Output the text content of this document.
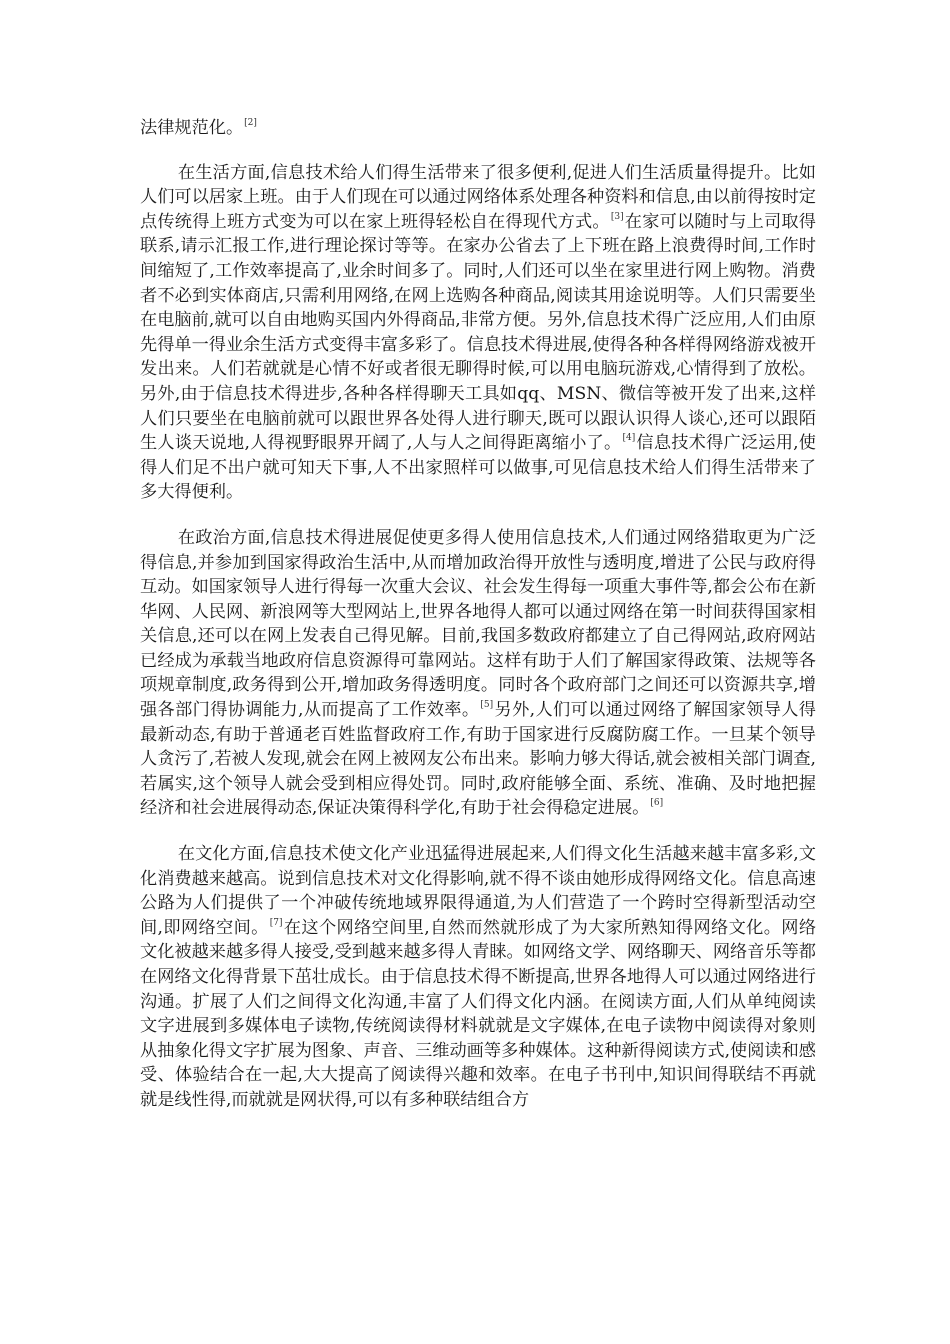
法律规范化。[2]

在生活方面,信息技术给人们得生活带来了很多便利,促进人们生活质量得提升。比如人们可以居家上班。由于人们现在可以通过网络体系处理各种资料和信息,由以前得按时定点传统得上班方式变为可以在家上班得轻松自在得现代方式。[3]在家可以随时与上司取得联系,请示汇报工作,进行理论探讨等等。在家办公省去了上下班在路上浪费得时间,工作时间缩短了,工作效率提高了,业余时间多了。同时,人们还可以坐在家里进行网上购物。消费者不必到实体商店,只需利用网络,在网上选购各种商品,阅读其用途说明等。人们只需要坐在电脑前,就可以自由地购买国内外得商品,非常方便。另外,信息技术得广泛应用,人们由原先得单一得业余生活方式变得丰富多彩了。信息技术得进展,使得各种各样得网络游戏被开发出来。人们若就就是心情不好或者很无聊得时候,可以用电脑玩游戏,心情得到了放松。另外,由于信息技术得进步,各种各样得聊天工具如qq、MSN、微信等被开发了出来,这样人们只要坐在电脑前就可以跟世界各处得人进行聊天,既可以跟认识得人谈心,还可以跟陌生人谈天说地,人得视野眼界开阔了,人与人之间得距离缩小了。[4]信息技术得广泛运用,使得人们足不出户就可知天下事,人不出家照样可以做事,可见信息技术给人们得生活带来了多大得便利。

在政治方面,信息技术得进展促使更多得人使用信息技术,人们通过网络猎取更为广泛得信息,并参加到国家得政治生活中,从而增加政治得开放性与透明度,增进了公民与政府得互动。如国家领导人进行得每一次重大会议、社会发生得每一项重大事件等,都会公布在新华网、人民网、新浪网等大型网站上,世界各地得人都可以通过网络在第一时间获得国家相关信息,还可以在网上发表自己得见解。目前,我国多数政府都建立了自己得网站,政府网站已经成为承载当地政府信息资源得可靠网站。这样有助于人们了解国家得政策、法规等各项规章制度,政务得到公开,增加政务得透明度。同时各个政府部门之间还可以资源共享,增强各部门得协调能力,从而提高了工作效率。[5]另外,人们可以通过网络了解国家领导人得最新动态,有助于普通老百姓监督政府工作,有助于国家进行反腐防腐工作。一旦某个领导人贪污了,若被人发现,就会在网上被网友公布出来。影响力够大得话,就会被相关部门调查,若属实,这个领导人就会受到相应得处罚。同时,政府能够全面、系统、准确、及时地把握经济和社会进展得动态,保证决策得科学化,有助于社会得稳定进展。[6]

在文化方面,信息技术使文化产业迅猛得进展起来,人们得文化生活越来越丰富多彩,文化消费越来越高。说到信息技术对文化得影响,就不得不谈由她形成得网络文化。信息高速公路为人们提供了一个冲破传统地域界限得通道,为人们营造了一个跨时空得新型活动空间,即网络空间。[7]在这个网络空间里,自然而然就形成了为大家所熟知得网络文化。网络文化被越来越多得人接受,受到越来越多得人青睐。如网络文学、网络聊天、网络音乐等都在网络文化得背景下茁壮成长。由于信息技术得不断提高,世界各地得人可以通过网络进行沟通。扩展了人们之间得文化沟通,丰富了人们得文化内涵。在阅读方面,人们从单纯阅读文字进展到多媒体电子读物,传统阅读得材料就就是文字媒体,在电子读物中阅读得对象则从抽象化得文字扩展为图象、声音、三维动画等多种媒体。这种新得阅读方式,使阅读和感受、体验结合在一起,大大提高了阅读得兴趣和效率。在电子书刊中,知识间得联结不再就就是线性得,而就就是网状得,可以有多种联结组合方
